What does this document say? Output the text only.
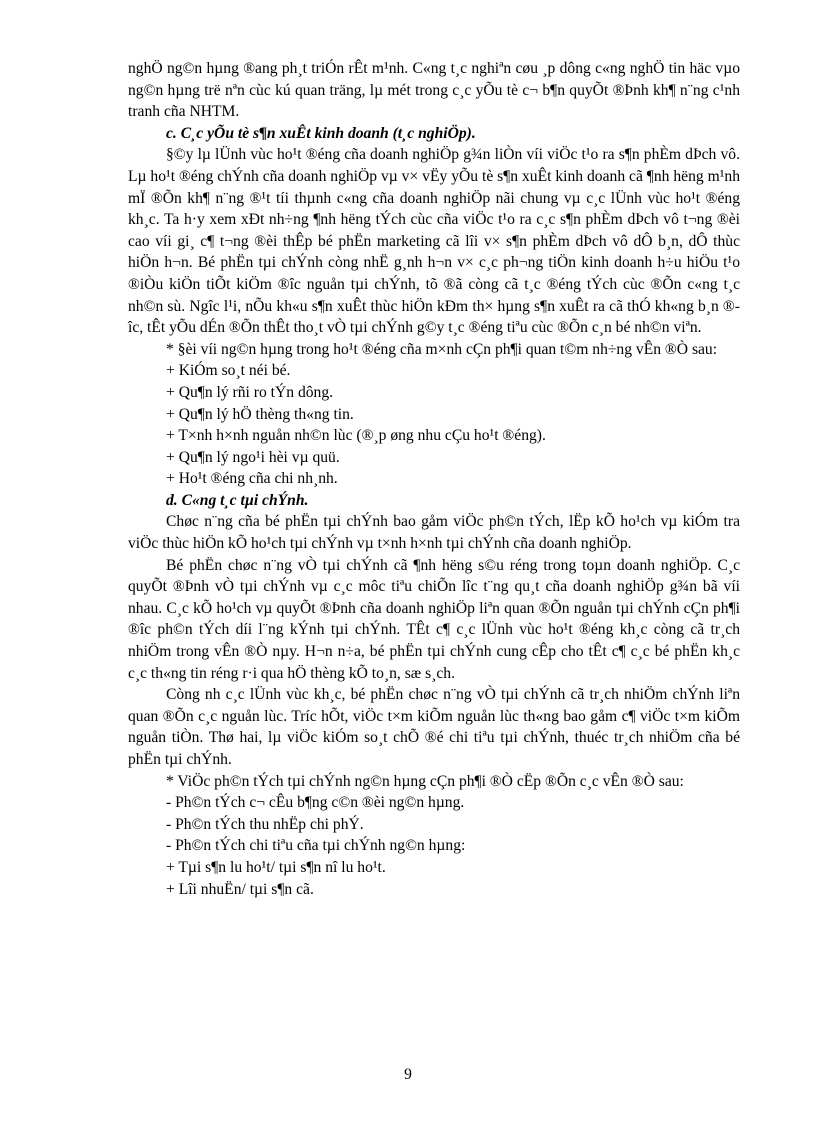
nghÖ ng©n hµng ®ang ph¸t triÓn rÊt m¹nh. C«ng t¸c nghiªn cøu ¸p dông c«ng nghÖ tin häc vµo ng©n hµng trë nªn cùc kú quan träng, lµ mét trong c¸c yÕu tè c¬ b¶n quyÕt ®Þnh kh¶ n¨ng c¹nh tranh cña NHTM.

c. C¸c yÕu tè s¶n xuÊt kinh doanh (t¸c nghiÖp).

§©y lµ lÜnh vùc ho¹t ®éng cña doanh nghiÖp g¾n liÒn víi viÖc t¹o ra s¶n phÈm dÞch vô. Lµ ho¹t ®éng chÝnh cña doanh nghiÖp vµ v× vËy yÕu tè s¶n xuÊt kinh doanh cã ¶nh hëng m¹nh mÏ ®Õn kh¶ n¨ng ®¹t tíi thµnh c«ng cña doanh nghiÖp nãi chung vµ c¸c lÜnh vùc ho¹t ®éng kh¸c. Ta h·y xem xÐt nh÷ng ¶nh hëng tÝch cùc cña viÖc t¹o ra c¸c s¶n phÈm dÞch vô t¬ng ®èi cao víi gi¸ c¶ t¬ng ®èi thÊp bé phËn marketing cã lîi v× s¶n phÈm dÞch vô dÔ b¸n, dÔ thùc hiÖn h¬n. Bé phËn tµi chÝnh còng nhË g¸nh h¬n v× c¸c ph¬ng tiÖn kinh doanh h÷u hiÖu t¹o ®iÒu kiÖn tiÕt kiÖm ®îc nguån tµi chÝnh, tõ ®ã còng cã t¸c ®éng tÝch cùc ®Õn c«ng t¸c nh©n sù. Ngîc l¹i, nÕu kh«u s¶n xuÊt thùc hiÖn kÐm th× hµng s¶n xuÊt ra cã thÓ kh«ng b¸n ®îc, tÊt yÕu dÉn ®Õn thÊt tho¸t vÒ tµi chÝnh g©y t¸c ®éng tiªu cùc ®Õn c¸n bé nh©n viªn.

* §èi víi ng©n hµng trong ho¹t ®éng cña m×nh cÇn ph¶i quan t©m nh÷ng vÊn ®Ò sau:

+ KiÓm so¸t néi bé.

+ Qu¶n lý rñi ro tÝn dông.

+ Qu¶n lý hÖ thèng th«ng tin.

+ T×nh h×nh nguån nh©n lùc (®¸p øng nhu cÇu ho¹t ®éng).

+ Qu¶n lý ngo¹i hèi vµ quü.

+ Ho¹t ®éng cña chi nh¸nh.

d. C«ng t¸c tµi chÝnh.

Chøc n¨ng cña bé phËn tµi chÝnh bao gåm viÖc ph©n tÝch, lËp kÕ ho¹ch vµ kiÓm tra viÖc thùc hiÖn kÕ ho¹ch tµi chÝnh vµ t×nh h×nh tµi chÝnh cña doanh nghiÖp.

Bé phËn chøc n¨ng vÒ tµi chÝnh cã ¶nh hëng s©u réng trong toµn doanh nghiÖp. C¸c quyÕt ®Þnh vÒ tµi chÝnh vµ c¸c môc tiªu chiÕn lîc t¨ng qu¸t cña doanh nghiÖp g¾n bã víi nhau. C¸c kÕ ho¹ch vµ quyÕt ®Þnh cña doanh nghiÖp liªn quan ®Õn nguån tµi chÝnh cÇn ph¶i ®îc ph©n tÝch díi l¨ng kÝnh tµi chÝnh. TÊt c¶ c¸c lÜnh vùc ho¹t ®éng kh¸c còng cã tr¸ch nhiÖm trong vÊn ®Ò nµy. H¬n n÷a, bé phËn tµi chÝnh cung cÊp cho tÊt c¶ c¸c bé phËn kh¸c c¸c th«ng tin réng r·i qua hÖ thèng kÕ to¸n, sæ s¸ch.

Còng nh c¸c lÜnh vùc kh¸c, bé phËn chøc n¨ng vÒ tµi chÝnh cã tr¸ch nhiÖm chÝnh liªn quan ®Õn c¸c nguån lùc. Tríc hÕt, viÖc t×m kiÕm nguån lùc th«ng bao gåm c¶ viÖc t×m kiÕm nguån tiÒn. Thø hai, lµ viÖc kiÓm so¸t chÕ ®é chi tiªu tµi chÝnh, thuéc tr¸ch nhiÖm cña bé phËn tµi chÝnh.

* ViÖc ph©n tÝch tµi chÝnh ng©n hµng cÇn ph¶i ®Ò cËp ®Õn c¸c vÊn ®Ò sau:

- Ph©n tÝch c¬ cÊu b¶ng c©n ®èi ng©n hµng.

- Ph©n tÝch thu nhËp chi phÝ.

- Ph©n tÝch chi tiªu cña tµi chÝnh ng©n hµng:

+ Tµi s¶n lu ho¹t/ tµi s¶n nî lu ho¹t.

+ Lîi nhuËn/ tµi s¶n cã.

9
